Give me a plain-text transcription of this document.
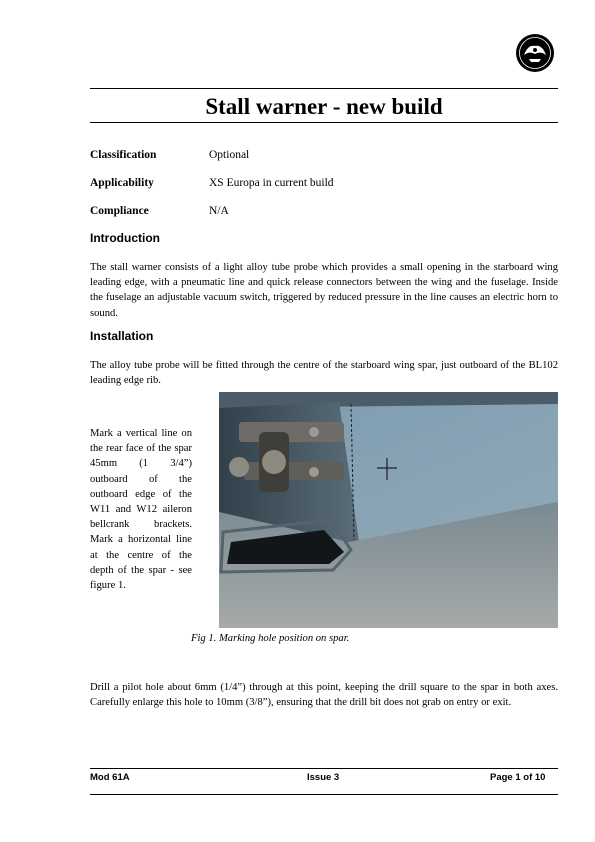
Stall warner - new build
Classification	Optional
Applicability	XS Europa in current build
Compliance	N/A
Introduction

The stall warner consists of a light alloy tube probe which provides a small opening in the starboard wing leading edge, with a pneumatic line and quick release connectors between the wing and the fuselage. Inside the fuselage an adjustable vacuum switch, triggered by reduced pressure in the line causes an electric horn to sound.

Installation

The alloy tube probe will be fitted through the centre of the starboard wing spar, just outboard of the BL102 leading edge rib.

Mark a vertical line on the rear face of the spar 45mm (1 3/4”) outboard of the outboard edge of the W11 and W12 aileron bellcrank brackets. Mark a horizontal line at the centre of the depth of the spar - see figure 1.

Fig 1. Marking hole position on spar.

Drill a pilot hole about 6mm (1/4”) through at this point, keeping the drill square to the spar in both axes. Carefully enlarge this hole to 10mm (3/8”), ensuring that the drill bit does not grab on entry or exit.

Mod 61A	Issue 3	Page 1 of 10
